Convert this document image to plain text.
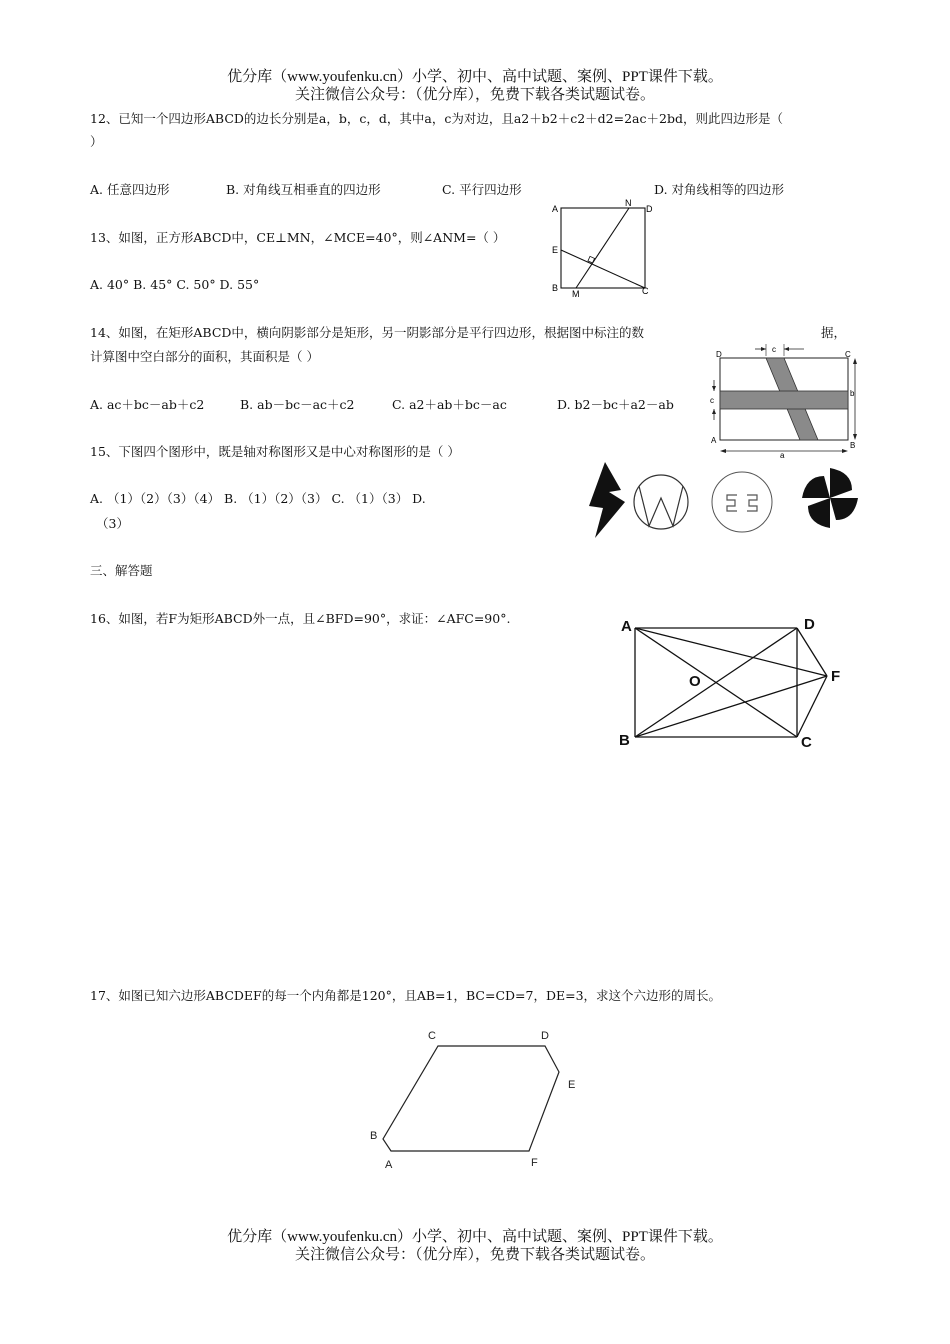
优分库（www.youfenku.cn）小学、初中、高中试题、案例、PPT课件下载。
关注微信公众号：（优分库），免费下载各类试题试卷。
12、已知一个四边形ABCD的边长分别是a，b，c，d，其中a，c为对边，且a2＋b2＋c2＋d2=2ac＋2bd，则此四边形是（
）
A. 任意四边形	B. 对角线互相垂直的四边形	C. 平行四边形	D. 对角线相等的四边形
13、如图，正方形ABCD中，CE⊥MN，∠MCE=40°，则∠ANM=（ ）
A. 40° B. 45° C. 50° D. 55°
A	D
E
B	C
N
M
14、如图，在矩形ABCD中，横向阴影部分是矩形，另一阴影部分是平行四边形，根据图中标注的数	据，
计算图中空白部分的面积，其面积是（ ）
A. ac＋bc－ab＋c2	B. ab－bc－ac＋c2	C. a2＋ab＋bc－ac	D. b2－bc＋a2－ab
c
c
b
a
D	C
A
B
15、下图四个图形中，既是轴对称图形又是中心对称图形的是（ ）
A. （1）（2）（3）（4） B. （1）（2）（3） C. （1）（3） D.
（3）
三、解答题
16、如图，若F为矩形ABCD外一点，且∠BFD=90°，求证：∠AFC=90°.	A	D
F
O
B	C
17、如图已知六边形ABCDEF的每一个内角都是120°，且AB=1，BC=CD=7，DE=3，求这个六边形的周长。
C	D
E
B
A	F
优分库（www.youfenku.cn）小学、初中、高中试题、案例、PPT课件下载。
关注微信公众号：（优分库），免费下载各类试题试卷。
